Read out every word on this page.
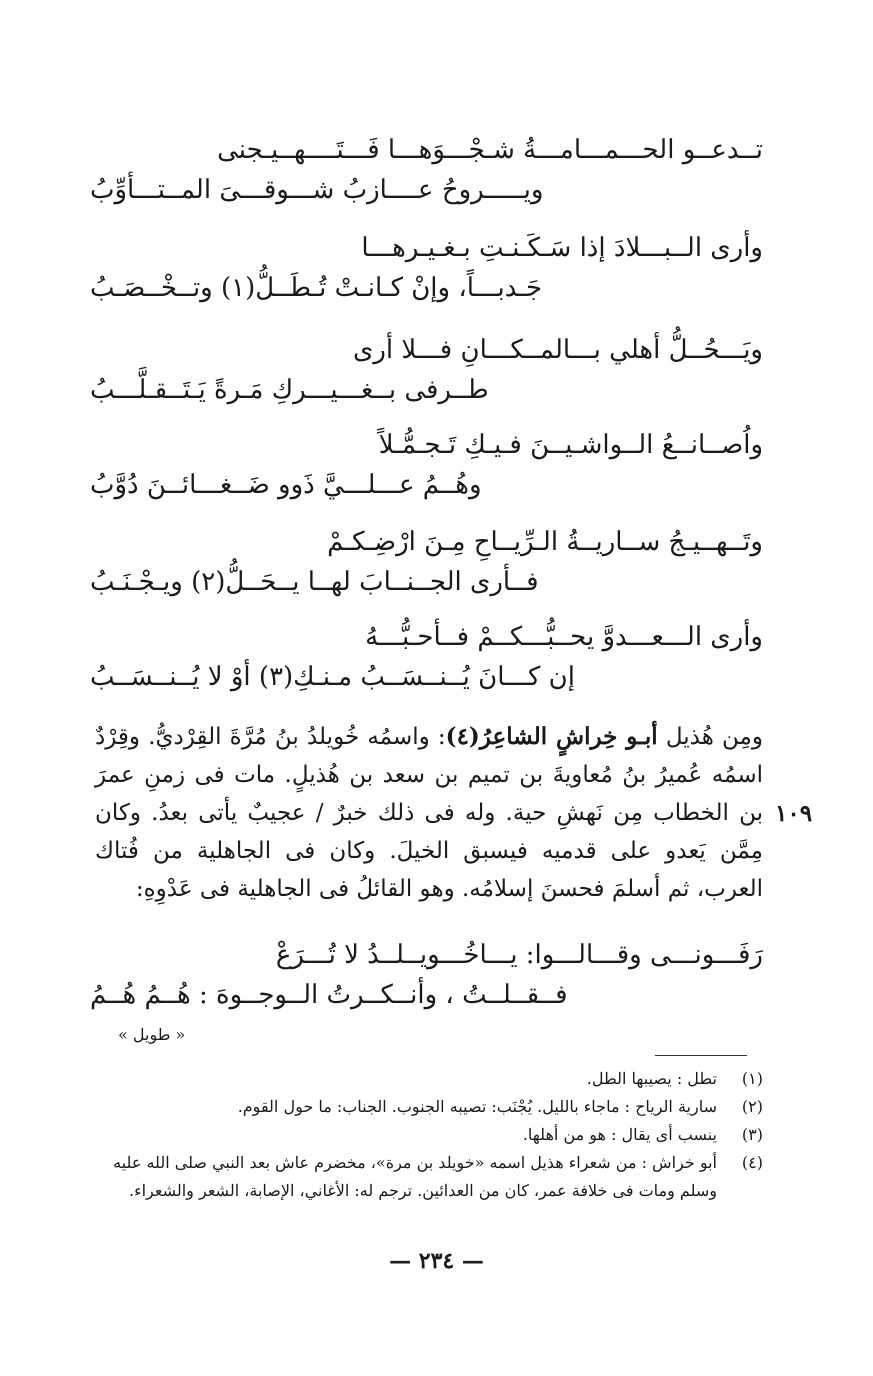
تــدعــو الحـــمـــامـــةُ شـجْـــوَهـــا فَـــتَــــهــيـجنى
ويـــــروحُ عــــازبُ شـــوقـــىَ المــتـــأوِّبُ
وأرى الــبـــلادَ إذا سَـكَـنـتِ بـغـيـرهـــا
جَـدبـــاً، وإنْ كـانـتْ تُـطَــلُّ(١) وتــخْــصَـبُ
ويَـــحُــلُّ أهلي بـــالمــكـــانِ فـــلا أرى
طــرفى بــغـــيـــركِ مَـرةً يَـتَــقـلَّـــبُ
واُصــانــعُ الــواشـيــنَ فـيـكِ تَـجـمُّـلاً
وهُــمُ عـــلـــيَّ ذَوو ضَــغـــائــنَ دُوَّبُ
وتَــهــيـجُ ســاريــةُ الـرِّيــاحِ مِـنَ ارْضِـكـمْ
فــأرى الجــنــابَ لهــا يــحَــلُّ(٢) ويـجْـنَـبُ
وأرى الـــعـــدوَّ يحــبُّـــكــمْ فــأحـبُّـــهُ
إن كـــانَ يُــنــسَــبُ مـنـكِ(٣) أوْ لا يُــنــسَــبُ

ومِن هُذيل أبـو خِراشٍ الشاعِرُ(٤): واسمُه خُويلدُ بنُ مُرَّةَ القِرْديُّ. وقِرْدٌ اسمُه عُميرُ بنُ مُعاويةَ بن تميم بن سعد بن هُذيلٍ. مات فى زمنِ عمرَ بن الخطاب مِن نَهشِ حية. وله فى ذلك خبرٌ / عجيبٌ يأتى بعدُ. وكان مِمَّن يَعدو على قدميه فيسبق الخيلَ. وكان فى الجاهلية من فُتاك العرب، ثم أسلمَ فحسنَ إسلامُه. وهو القائلُ فى الجاهلية فى عَدْوِهِ:

١٠٩
رَفَـــونـــى وقـــالـــوا: يـــاخُـــويــلــدُ لا تُـــرَعْ
فــقــلــتُ ، وأنــكــرتُ الــوجــوهَ : هُــمُ هُــمُ
« طويل »
(١)
تطل : يصيبها الطل.
(٢)
سارية الرياح : ماجاء بالليل. يُجْنَب: تصيبه الجنوب. الجناب: ما حول القوم.
(٣)
ينسب أى يقال : هو من أهلها.
(٤)
أبو خراش : من شعراء هذيل اسمه «خويلد بن مرة»، مخضرم عاش بعد النبي صلى الله عليه وسلم ومات فى خلافة عمر، كان من العدائين. ترجم له: الأغاني، الإصابة، الشعر والشعراء.
— ٢٣٤ —
